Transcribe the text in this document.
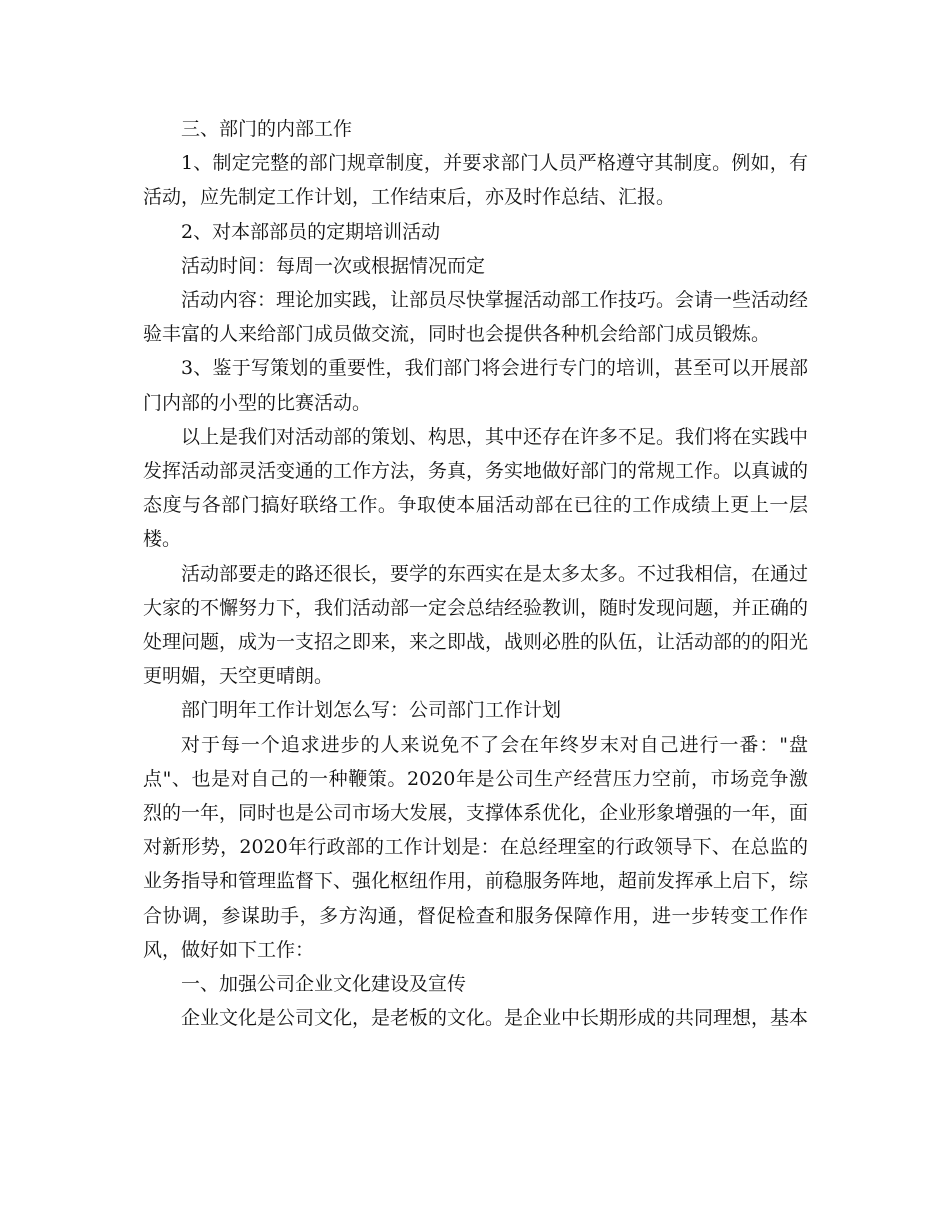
三、部门的内部工作

1、制定完整的部门规章制度，并要求部门人员严格遵守其制度。例如，有活动，应先制定工作计划，工作结束后，亦及时作总结、汇报。

2、对本部部员的定期培训活动

活动时间：每周一次或根据情况而定

活动内容：理论加实践，让部员尽快掌握活动部工作技巧。会请一些活动经验丰富的人来给部门成员做交流，同时也会提供各种机会给部门成员锻炼。

3、鉴于写策划的重要性，我们部门将会进行专门的培训，甚至可以开展部门内部的小型的比赛活动。

以上是我们对活动部的策划、构思，其中还存在许多不足。我们将在实践中发挥活动部灵活变通的工作方法，务真，务实地做好部门的常规工作。以真诚的态度与各部门搞好联络工作。争取使本届活动部在已往的工作成绩上更上一层楼。

活动部要走的路还很长，要学的东西实在是太多太多。不过我相信，在通过大家的不懈努力下，我们活动部一定会总结经验教训，随时发现问题，并正确的处理问题，成为一支招之即来，来之即战，战则必胜的队伍，让活动部的的阳光更明媚，天空更晴朗。

部门明年工作计划怎么写：公司部门工作计划

对于每一个追求进步的人来说免不了会在年终岁末对自己进行一番："盘点"、也是对自己的一种鞭策。2020年是公司生产经营压力空前，市场竞争激烈的一年，同时也是公司市场大发展，支撑体系优化，企业形象增强的一年，面对新形势，2020年行政部的工作计划是：在总经理室的行政领导下、在总监的业务指导和管理监督下、强化枢纽作用，前稳服务阵地，超前发挥承上启下，综合协调，参谋助手，多方沟通，督促检查和服务保障作用，进一步转变工作作风，做好如下工作：

一、加强公司企业文化建设及宣传

企业文化是公司文化，是老板的文化。是企业中长期形成的共同理想，基本
